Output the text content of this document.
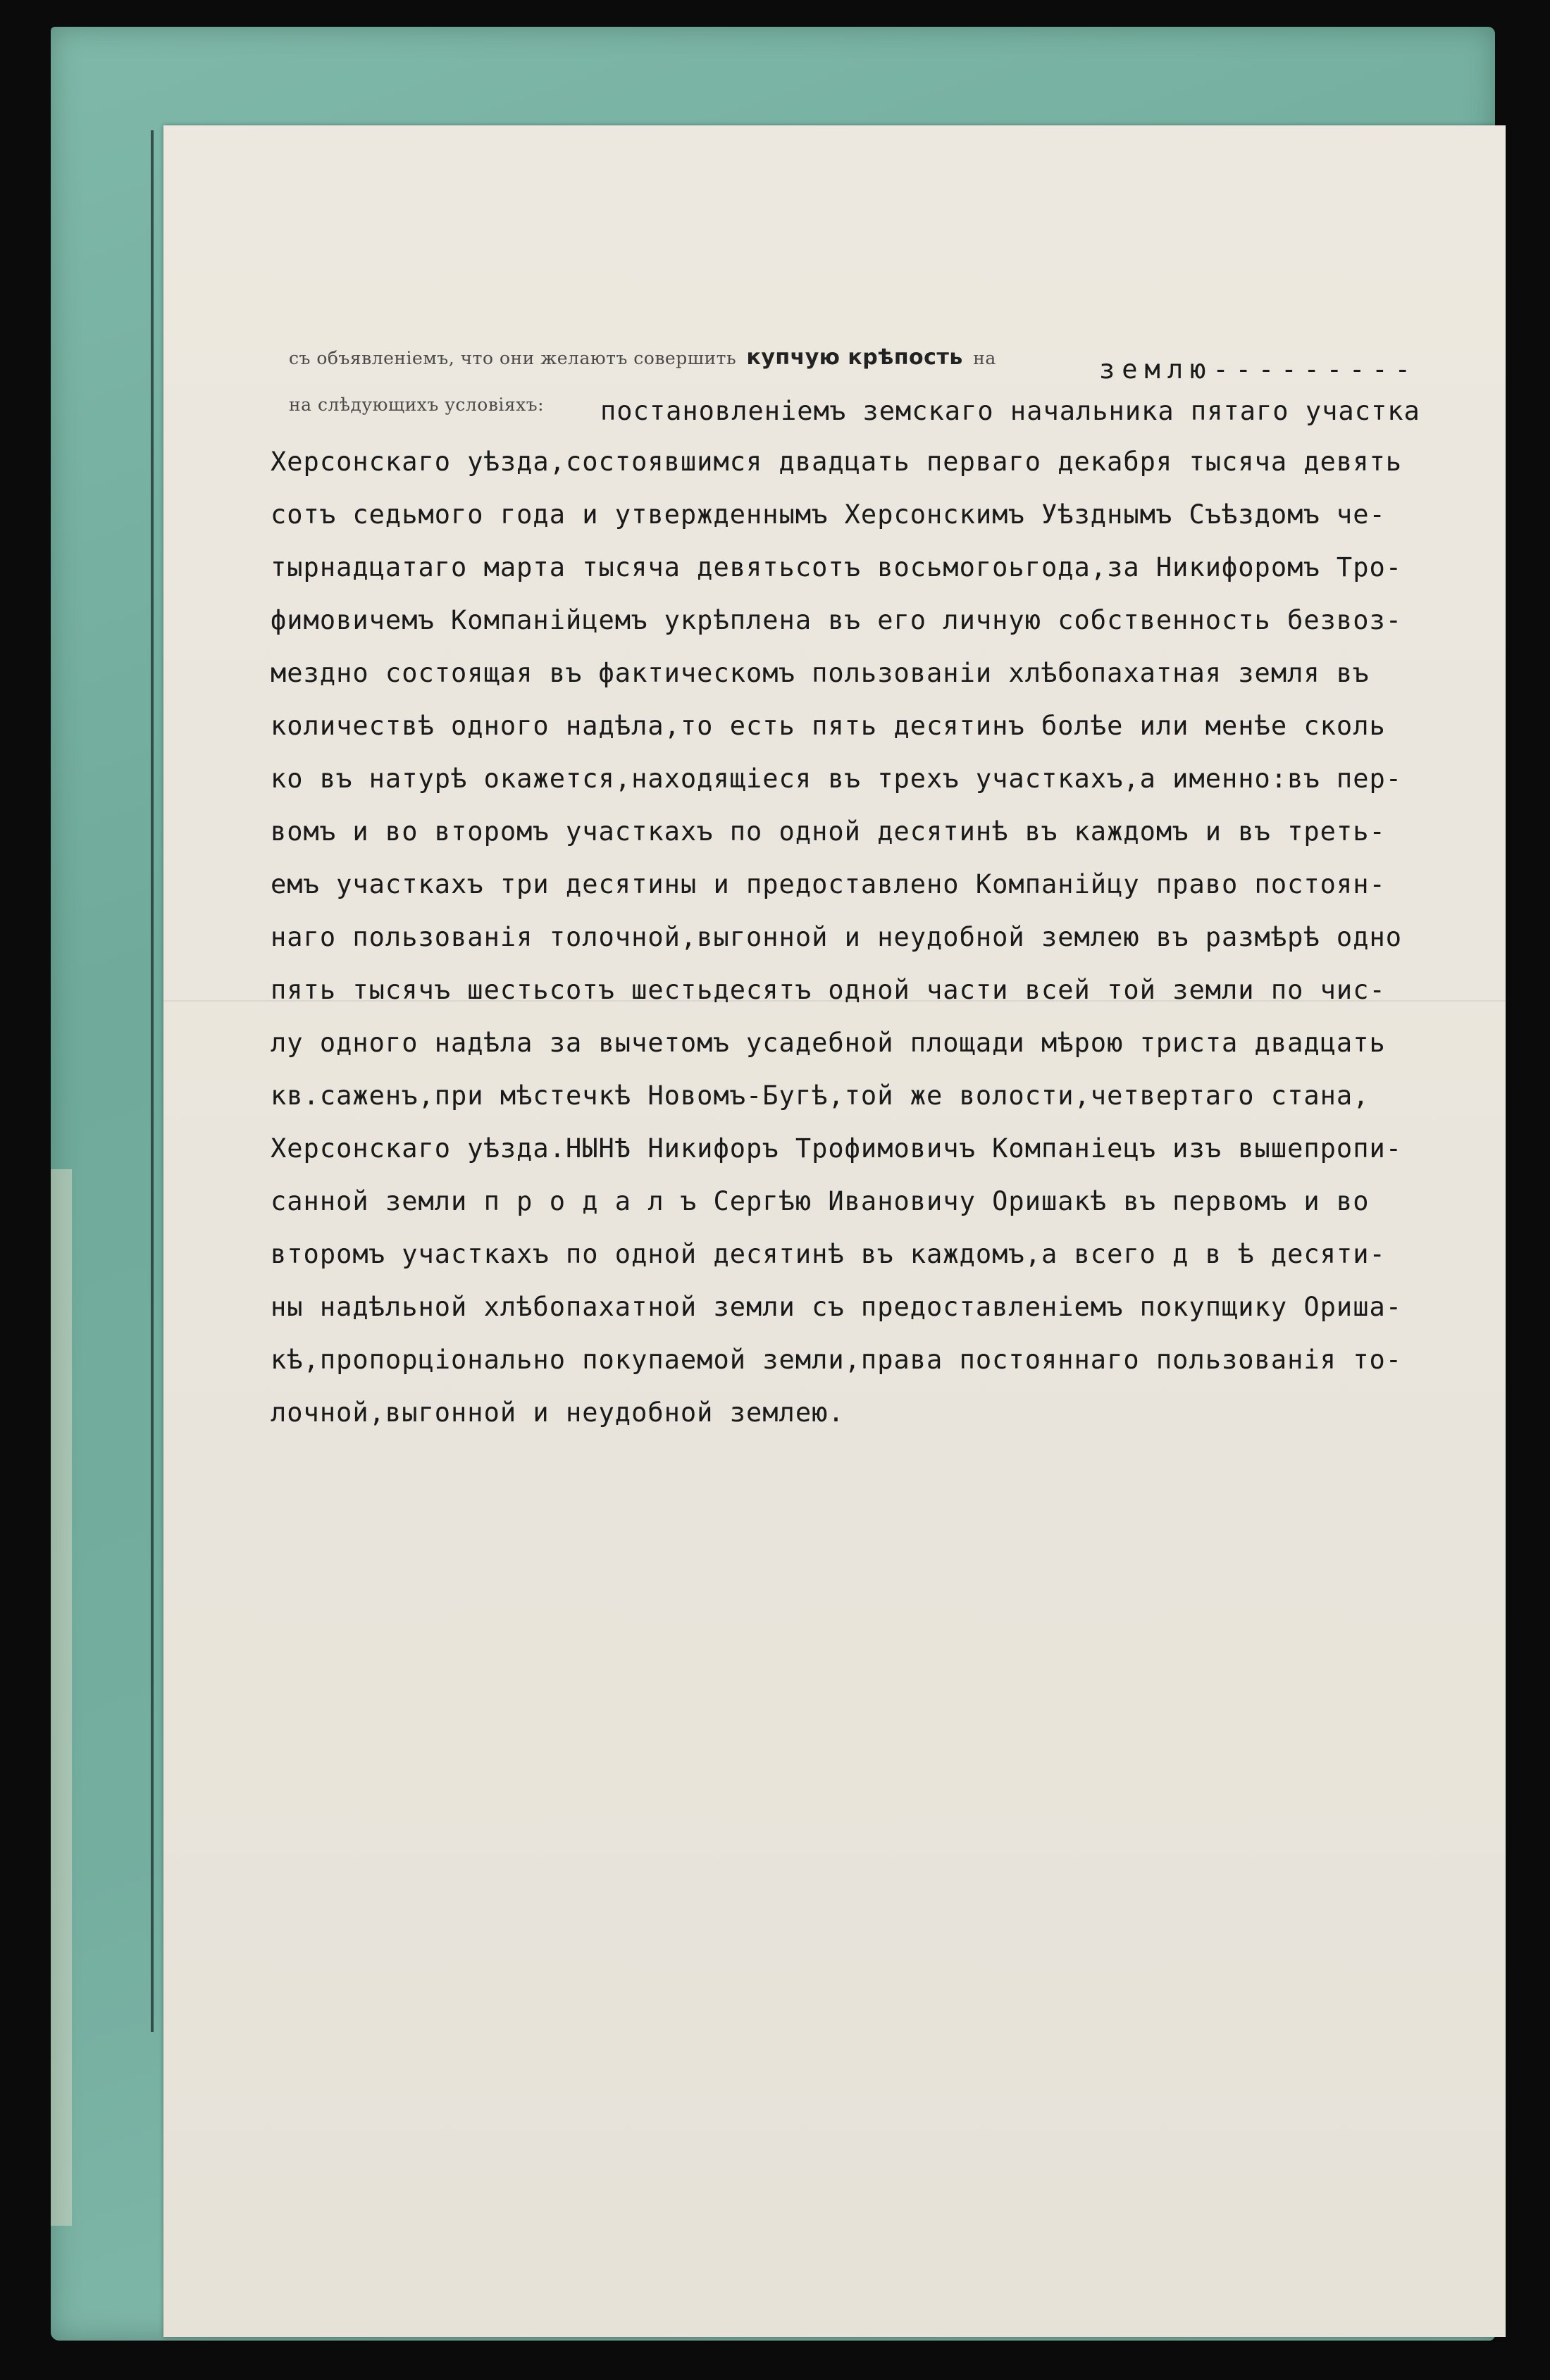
съ объявленіемъ, что они желаютъ совершить купчую крѣпость на
на слѣдующихъ условіяхъ:
землю---------
постановленіемъ земскаго начальника пятаго участка
Херсонскаго уѣзда,состоявшимся двадцать перваго декабря тысяча девять
сотъ седьмого года и утвержденнымъ Херсонскимъ Уѣзднымъ Съѣздомъ че-
тырнадцатаго марта тысяча девятьсотъ восьмогоьгода,за Никифоромъ Тро-
фимовичемъ Компанійцемъ укрѣплена въ его личную собственность безвоз-
мездно состоящая въ фактическомъ пользованіи хлѣбопахатная земля въ
количествѣ одного надѣла,то есть пять десятинъ болѣе или менѣе сколь
ко въ натурѣ окажется,находящіеся въ трехъ участкахъ,а именно:въ пер-
вомъ и во второмъ участкахъ по одной десятинѣ въ каждомъ и въ треть-
емъ участкахъ три десятины и предоставлено Компанійцу право постоян-
наго пользованія толочной,выгонной и неудобной землею въ размѣрѣ одно
пять тысячъ шестьсотъ шестьдесятъ одной части всей той земли по чис-
лу одного надѣла за вычетомъ усадебной площади мѣрою триста двадцать
кв.саженъ,при мѣстечкѣ Новомъ-Бугѣ,той же волости,четвертаго стана,
Херсонскаго уѣзда.НЫНѢ Никифоръ Трофимовичъ Компаніецъ изъ вышепропи-
санной земли п р о д а л ъ Сергѣю Ивановичу Оришакѣ въ первомъ и во
второмъ участкахъ по одной десятинѣ въ каждомъ,а всего д в ѣ десяти-
ны надѣльной хлѣбопахатной земли съ предоставленіемъ покупщику Ориша-
кѣ,пропорціонально покупаемой земли,права постояннаго пользованія то-
лочной,выгонной и неудобной землею.
